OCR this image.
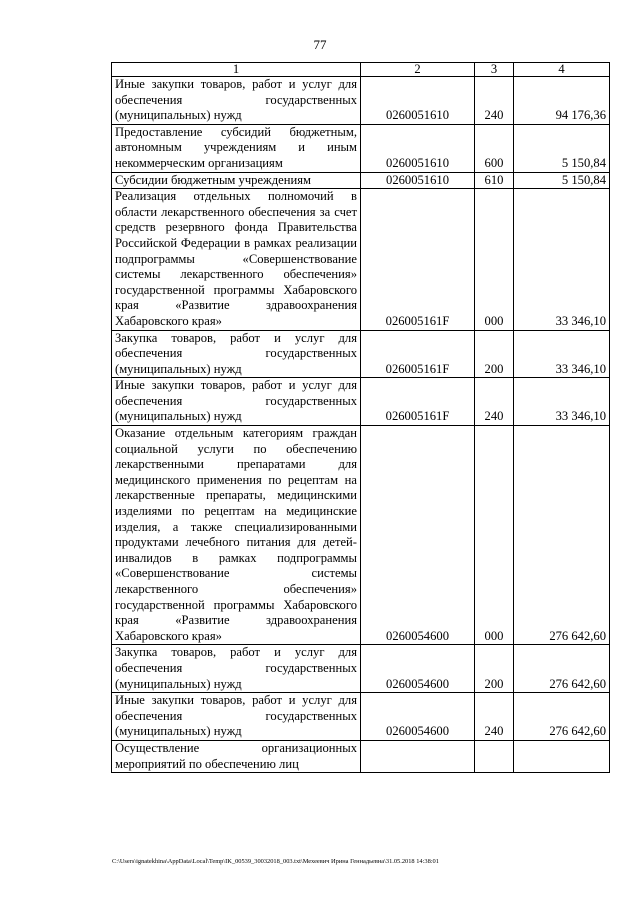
77
1	2	3	4
Иные закупки товаров, работ и услуг для обеспечения государственных (муниципальных) нужд	0260051610	240	94 176,36
Предоставление субсидий бюджетным, автономным учреждениям и иным некоммерческим организациям	0260051610	600	5 150,84
Субсидии бюджетным учреждениям	0260051610	610	5 150,84
Реализация отдельных полномочий в области лекарственного обеспечения за счет средств резервного фонда Правительства Российской Федерации в рамках реализации подпрограммы «Совершенствование системы лекарственного обеспечения» государственной программы Хабаровского края «Развитие здравоохранения Хабаровского края»	026005161F	000	33 346,10
Закупка товаров, работ и услуг для обеспечения государственных (муниципальных) нужд	026005161F	200	33 346,10
Иные закупки товаров, работ и услуг для обеспечения государственных (муниципальных) нужд	026005161F	240	33 346,10
Оказание отдельным категориям граждан социальной услуги по обеспечению лекарственными препаратами для медицинского применения по рецептам на лекарственные препараты, медицинскими изделиями по рецептам на медицинские изделия, а также специализированными продуктами лечебного питания для детей-инвалидов в рамках подпрограммы «Совершенствование системы лекарственного обеспечения» государственной программы Хабаровского края «Развитие здравоохранения Хабаровского края»	0260054600	000	276 642,60
Закупка товаров, работ и услуг для обеспечения государственных (муниципальных) нужд	0260054600	200	276 642,60
Иные закупки товаров, работ и услуг для обеспечения государственных (муниципальных) нужд	0260054600	240	276 642,60
Осуществление организационных мероприятий по обеспечению лиц			
C:\Users\ignatekhina\AppData\Local\Temp\IK_00539_30032018_003.txt\Мехеевич Ирина Геннадьевна\31.05.2018 14:38:01
